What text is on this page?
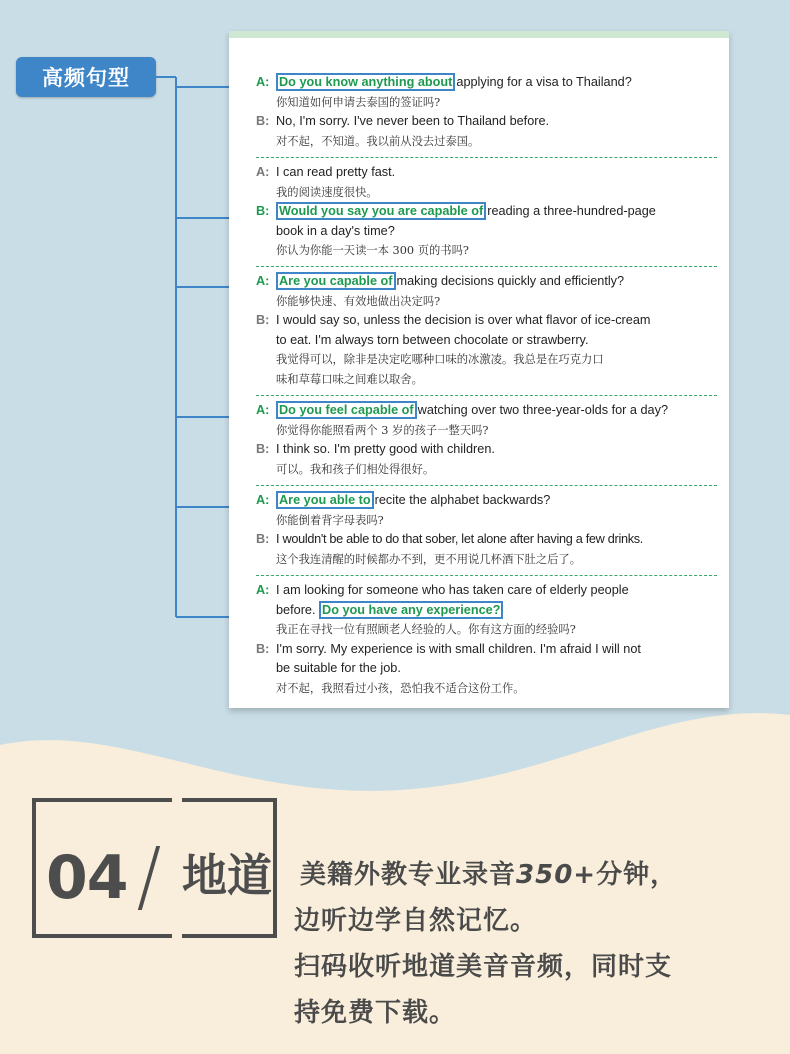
高频句型	A: Do you know anything about applying for a visa to Thailand?
你知道如何申请去泰国的签证吗?
B: No, I'm sorry. I've never been to Thailand before.
对不起，不知道。我以前从没去过泰国。
A: I can read pretty fast.
我的阅读速度很快。
B: Would you say you are capable of reading a three-hundred-page
book in a day's time?
你认为你能一天读一本 300 页的书吗?
A: Are you capable of making decisions quickly and efficiently?
你能够快速、有效地做出决定吗?
B: I would say so, unless the decision is over what flavor of ice-cream
to eat. I'm always torn between chocolate or strawberry.
我觉得可以，除非是决定吃哪种口味的冰激凌。我总是在巧克力口
味和草莓口味之间难以取舍。
A: Do you feel capable of watching over two three-year-olds for a day?
你觉得你能照看两个 3 岁的孩子一整天吗?
B: I think so. I'm pretty good with children.
可以。我和孩子们相处得很好。
A: Are you able to recite the alphabet backwards?
你能倒着背字母表吗?
B: I wouldn't be able to do that sober, let alone after having a few drinks.
这个我连清醒的时候都办不到，更不用说几杯酒下肚之后了。
A: I am looking for someone who has taken care of elderly people
before. Do you have any experience?
我正在寻找一位有照顾老人经验的人。你有这方面的经验吗?
B: I'm sorry. My experience is with small children. I'm afraid I will not
be suitable for the job.
对不起，我照看过小孩，恐怕我不适合这份工作。
04 地道 美籍外教专业录音350+分钟，
边听边学自然记忆。
扫码收听地道美音音频，同时支
持免费下载。
